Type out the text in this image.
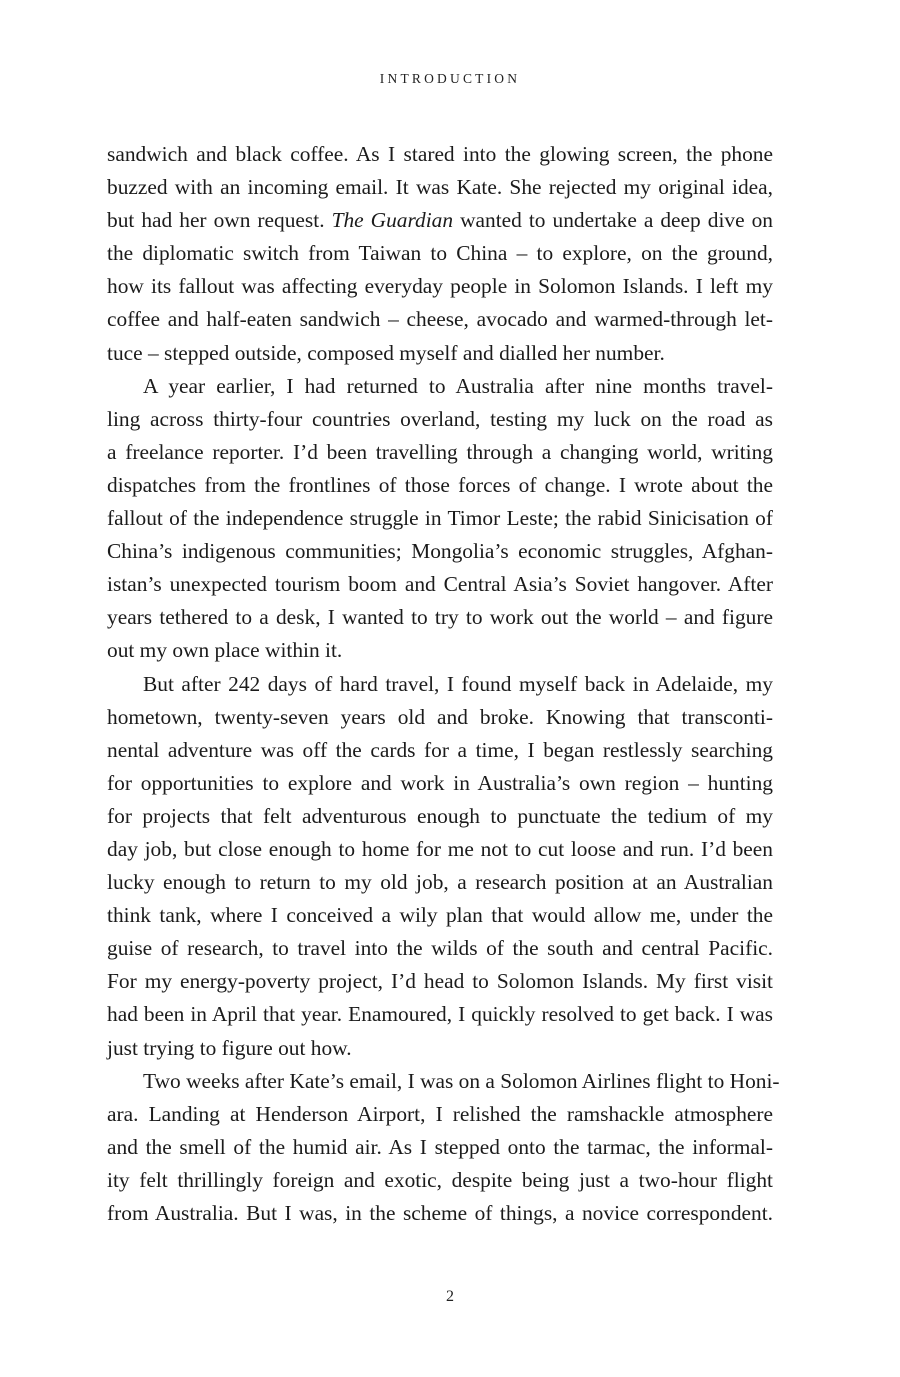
INTRODUCTION
sandwich and black coffee. As I stared into the glowing screen, the phone
buzzed with an incoming email. It was Kate. She rejected my original idea,
but had her own request. The Guardian wanted to undertake a deep dive on
the diplomatic switch from Taiwan to China – to explore, on the ground,
how its fallout was affecting everyday people in Solomon Islands. I left my
coffee and half-eaten sandwich – cheese, avocado and warmed-through let-
tuce – stepped outside, composed myself and dialled her number.
A year earlier, I had returned to Australia after nine months travel-
ling across thirty-four countries overland, testing my luck on the road as
a freelance reporter. I’d been travelling through a changing world, writing
dispatches from the frontlines of those forces of change. I wrote about the
fallout of the independence struggle in Timor Leste; the rabid Sinicisation of
China’s indigenous communities; Mongolia’s economic struggles, Afghan-
istan’s unexpected tourism boom and Central Asia’s Soviet hangover. After
years tethered to a desk, I wanted to try to work out the world – and figure
out my own place within it.
But after 242 days of hard travel, I found myself back in Adelaide, my
hometown, twenty-seven years old and broke. Knowing that transconti-
nental adventure was off the cards for a time, I began restlessly searching
for opportunities to explore and work in Australia’s own region – hunting
for projects that felt adventurous enough to punctuate the tedium of my
day job, but close enough to home for me not to cut loose and run. I’d been
lucky enough to return to my old job, a research position at an Australian
think tank, where I conceived a wily plan that would allow me, under the
guise of research, to travel into the wilds of the south and central Pacific.
For my energy-poverty project, I’d head to Solomon Islands. My first visit
had been in April that year. Enamoured, I quickly resolved to get back. I was
just trying to figure out how.
Two weeks after Kate’s email, I was on a Solomon Airlines flight to Honi-
ara. Landing at Henderson Airport, I relished the ramshackle atmosphere
and the smell of the humid air. As I stepped onto the tarmac, the informal-
ity felt thrillingly foreign and exotic, despite being just a two-hour flight
from Australia. But I was, in the scheme of things, a novice correspondent.
2
